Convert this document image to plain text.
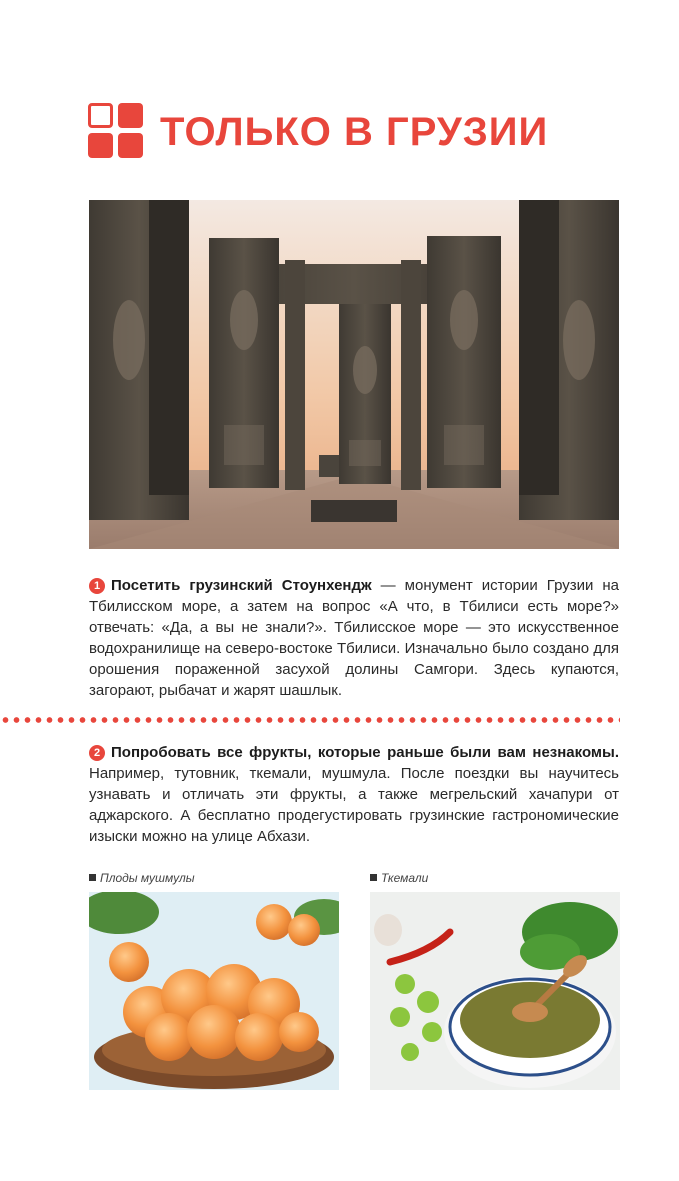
ТОЛЬКО В ГРУЗИИ
1 Посетить грузинский Стоунхендж — монумент истории Грузии на Тбилисском море, а затем на вопрос «А что, в Тбилиси есть море?» отвечать: «Да, а вы не знали?». Тбилисское море — это искусственное водохранилище на северо-востоке Тбилиси. Изначально было создано для орошения пораженной засухой долины Самгори. Здесь купаются, загорают, рыбачат и жарят шашлык.
2 Попробовать все фрукты, которые раньше были вам незнакомы. Например, тутовник, ткемали, мушмула. После поездки вы научитесь узнавать и отличать эти фрукты, а также мегрельский хачапури от аджарского. А бесплатно продегустировать грузинские гастрономические изыски можно на улице Абхази.
Плоды мушмулы	Ткемали
